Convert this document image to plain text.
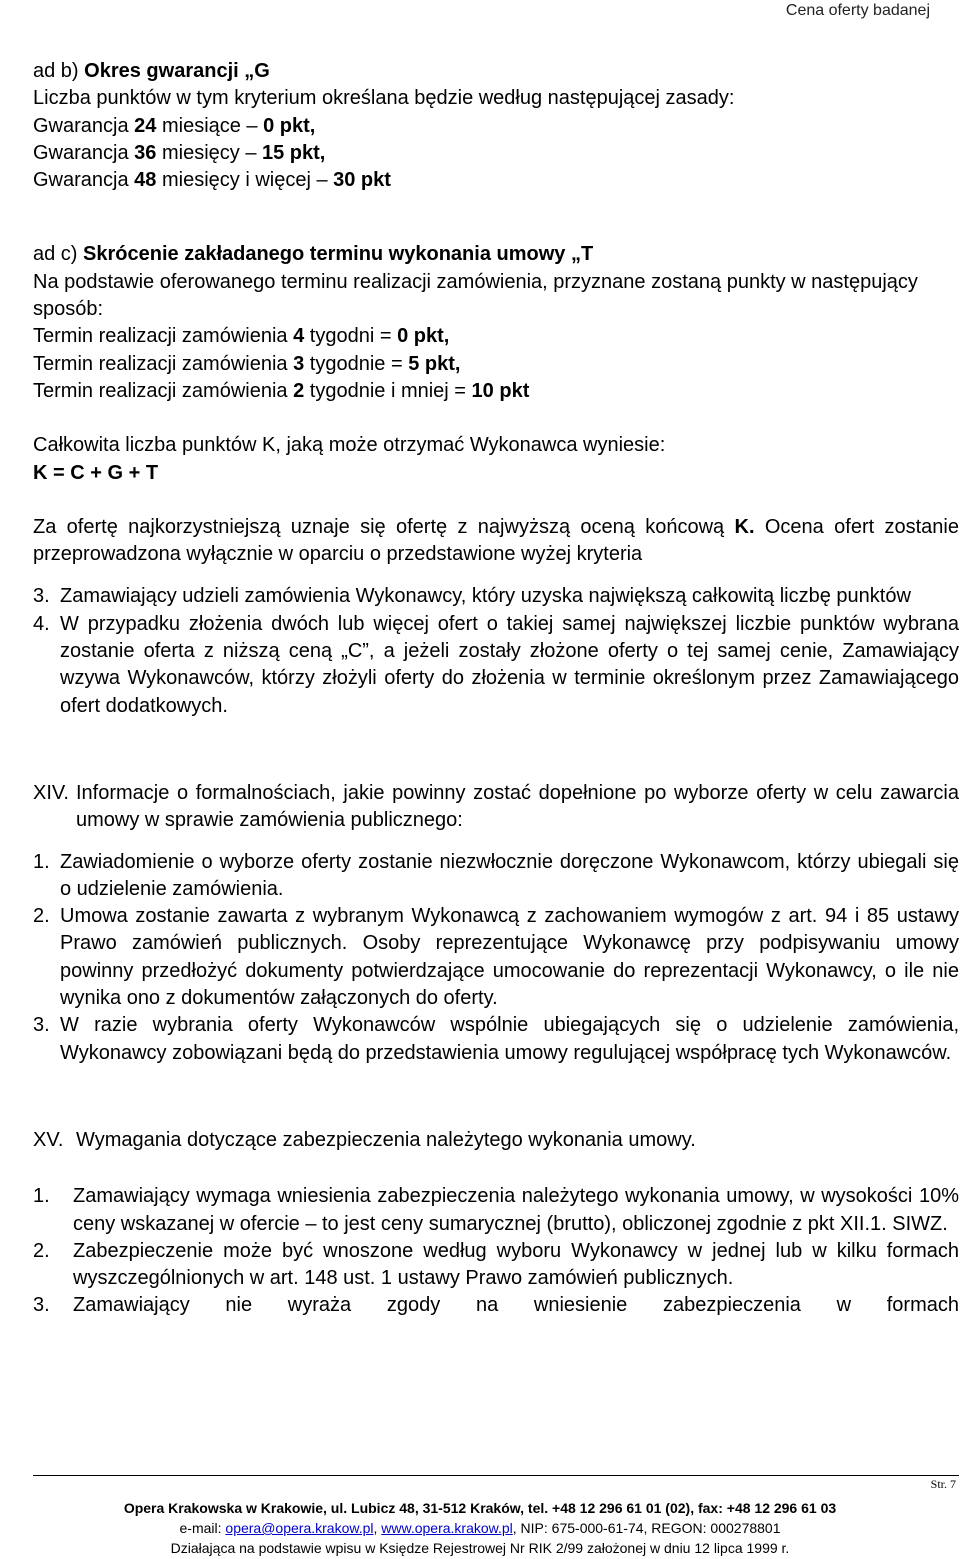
Cena oferty badanej
ad b) Okres gwarancji „G
Liczba punktów w tym kryterium określana będzie według następującej zasady:
Gwarancja 24 miesiące – 0 pkt,
Gwarancja 36 miesięcy – 15 pkt,
Gwarancja 48 miesięcy i więcej – 30 pkt
ad c) Skrócenie zakładanego terminu wykonania umowy „T
Na podstawie oferowanego terminu realizacji zamówienia, przyznane zostaną punkty w następujący sposób:
Termin realizacji zamówienia 4 tygodni = 0 pkt,
Termin realizacji zamówienia 3 tygodnie = 5 pkt,
Termin realizacji zamówienia 2 tygodnie i mniej = 10 pkt
Całkowita liczba punktów K, jaką może otrzymać Wykonawca wyniesie:
K = C + G + T
Za ofertę najkorzystniejszą uznaje się ofertę z najwyższą oceną końcową K. Ocena ofert zostanie przeprowadzona wyłącznie w oparciu o przedstawione wyżej kryteria
3. Zamawiający udzieli zamówienia Wykonawcy, który uzyska największą całkowitą liczbę punktów
4. W przypadku złożenia dwóch lub więcej ofert o takiej samej największej liczbie punktów wybrana zostanie oferta z niższą ceną „C”, a jeżeli zostały złożone oferty o tej samej cenie, Zamawiający wzywa Wykonawców, którzy złożyli oferty do złożenia w terminie określonym przez Zamawiającego ofert dodatkowych.
XIV. Informacje o formalnościach, jakie powinny zostać dopełnione po wyborze oferty w celu zawarcia umowy w sprawie zamówienia publicznego:
1. Zawiadomienie o wyborze oferty zostanie niezwłocznie doręczone Wykonawcom, którzy ubiegali się o udzielenie zamówienia.
2. Umowa zostanie zawarta z wybranym Wykonawcą z zachowaniem wymogów z art. 94 i 85 ustawy Prawo zamówień publicznych. Osoby reprezentujące Wykonawcę przy podpisywaniu umowy powinny przedłożyć dokumenty potwierdzające umocowanie do reprezentacji Wykonawcy, o ile nie wynika ono z dokumentów załączonych do oferty.
3. W razie wybrania oferty Wykonawców wspólnie ubiegających się o udzielenie zamówienia, Wykonawcy zobowiązani będą do przedstawienia umowy regulującej współpracę tych Wykonawców.
XV. Wymagania dotyczące zabezpieczenia należytego wykonania umowy.
1.	Zamawiający wymaga wniesienia zabezpieczenia należytego wykonania umowy, w wysokości 10% ceny wskazanej w ofercie – to jest ceny sumarycznej (brutto), obliczonej zgodnie z pkt XII.1. SIWZ.
2.	Zabezpieczenie może być wnoszone według wyboru Wykonawcy w jednej lub w kilku formach wyszczególnionych w art. 148 ust. 1 ustawy Prawo zamówień publicznych.
3.	Zamawiający nie wyraża zgody na wniesienie zabezpieczenia w formach
Str. 7
Opera Krakowska w Krakowie, ul. Lubicz 48, 31-512 Kraków, tel. +48 12 296 61 01 (02), fax: +48 12 296 61 03
e-mail: opera@opera.krakow.pl, www.opera.krakow.pl, NIP: 675-000-61-74, REGON: 000278801
Działająca na podstawie wpisu w Księdze Rejestrowej Nr RIK 2/99 założonej w dniu 12 lipca 1999 r.
